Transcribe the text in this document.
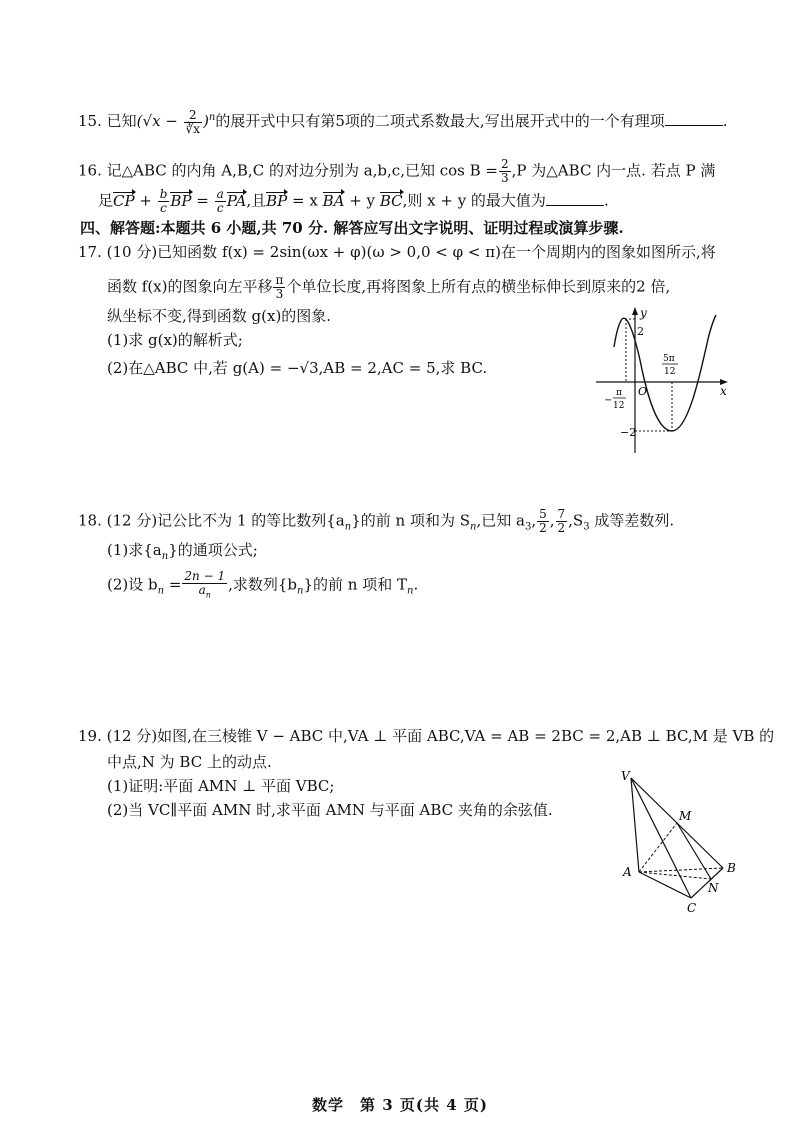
15. 已知$(√x - \frac{2}{∛x} )^n$的展开式中只有第5项的二项式系数最大,写出展开式中的一个有理项	.
16. 记△ABC 的内角 A,B,C 的对边分别为 a,b,c,已知 $\cos B = \frac{2}{3} ,P$ 为△ABC 内一点. 若点 P 满
足CP + $\frac{b}{c}$ BP = $\frac{a}{c}$ PA,且BP = x BA + y BC,则 x + y 的最大值为	.
四、解答题:本题共 6 小题,共 70 分. 解答应写出文字说明、证明过程或演算步骤.
17. (10 分)已知函数 f(x) = 2sin(ωx + φ)(ω > 0,0 < φ < π)在一个周期内的图象如图所示,将
函数 f(x)的图象向左平移 $\frac{\pi}{3}$ 个单位长度,再将图象上所有点的横坐标伸长到原来的2 倍,
纵坐标不变,得到函数 g(x)的图象.
(1)求 g(x)的解析式;
(2)在△ABC 中,若 g(A) = −√3,AB = 2,AC = 5,求 BC.
y
x
O
2
−2
−
π
12
5π
12
18. (12 分)记公比不为 1 的等比数列$\{a_n\}$的前 n 项和为 $S_n$,已知 $a_3$, $\frac{5}{2}$ , $\frac{7}{2} ,S_3$ 成等差数列.
(1)求$\{a_n\}$的通项公式;
(2)设 $b_n = \frac{2n - 1}{a_n}$ ,求数列$\{b_n\}$的前 n 项和 $T_n$.
19. (12 分)如图,在三棱锥 V − ABC 中,VA ⊥ 平面 ABC,VA = AB = 2BC = 2,AB ⊥ BC,M 是 VB 的
中点,N 为 BC 上的动点.
(1)证明:平面 AMN ⊥ 平面 VBC;
(2)当 VC∥平面 AMN 时,求平面 AMN 与平面 ABC 夹角的余弦值.
V
M
A	B
N
C
数学　第 3 页(共 4 页)
